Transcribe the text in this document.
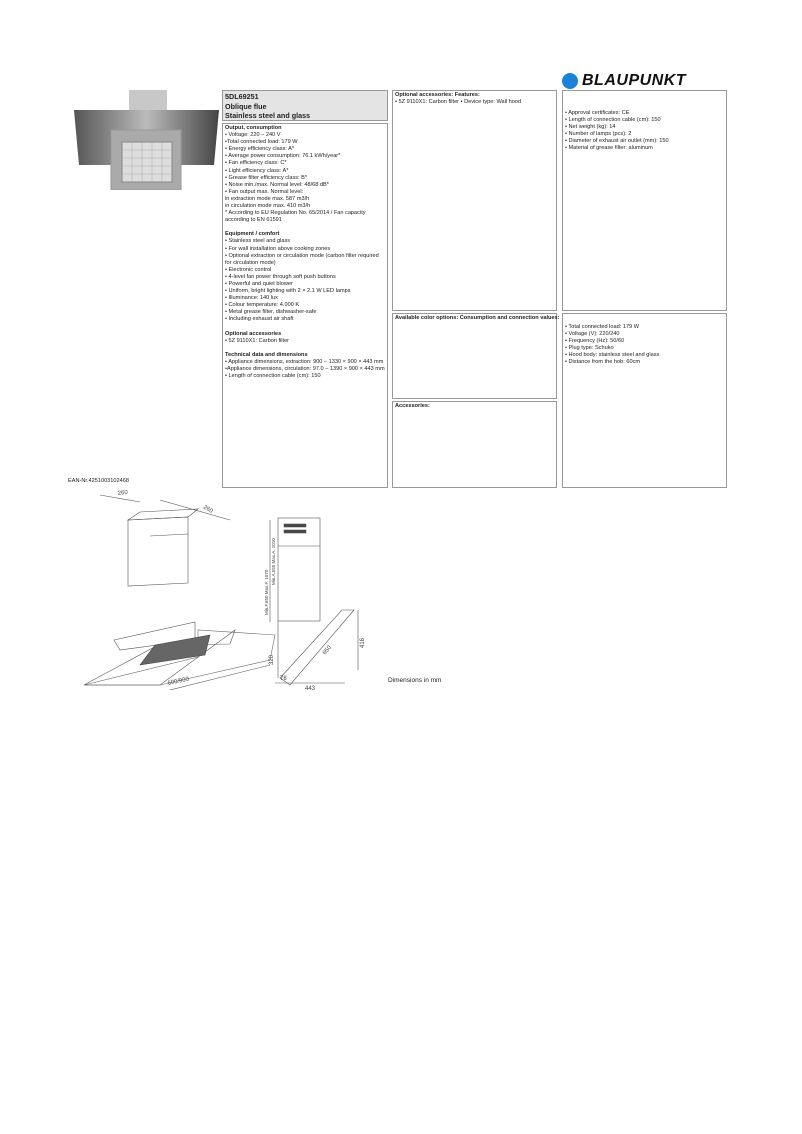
BLAUPUNKT
5DL69251
Oblique flue
Stainless steel and glass
Output, consumption
• Voltage: 220 – 240 V
•Total connected load: 179 W
• Energy efficiency class: A*
• Average power consumption: 76.1 kWh/year*
• Fan efficiency class: C*
• Light efficiency class: A*
• Grease filter efficiency class: B*
• Noise min./max. Normal level: 48/68 dB*
• Fan output max. Normal level:
in extraction mode max. 587 m3/h
in circulation mode max. 410 m3/h
* According to EU Regulation No. 65/2014 / Fan capacity according to EN 61591
Equipment / comfort
• Stainless steel and glass
• For wall installation above cooking zones
• Optional extraction or circulation mode (carbon filter required for circulation mode)
• Electronic control
• 4-level fan power through soft push buttons
• Powerful and quiet blower
• Uniform, bright lighting with 2 × 2.1 W LED lamps
• Illuminance: 140 lux
• Colour temperature: 4.000 K
• Metal grease filter, dishwasher-safe
• Including exhaust air shaft
Optional accessories
• 5Z 9110X1: Carbon filter
Technical data and dimensions
• Appliance dimensions, extraction: 900 – 1330 × 900 × 443 mm
•Appliance dimensions, circulation: 97.0 – 1390 × 900 × 443 mm
• Length of connection cable (cm): 150
Optional accessories: Features:
• 5Z 9110X1: Carbon filter • Device type: Wall hood
Available color options: Consumption and connection values:
Accessories:
• Approval certificates: CE
• Length of connection cable (cm): 150
• Net weight (kg): 14
• Number of lamps (pcs): 2
• Diameter of exhaust air outlet (mm): 150
• Material of grease filter: aluminum
• Total connected load: 179 W
• Voltage (V): 220/240
• Frequency (Hz): 50/60
• Plug type: Schuko
• Hood body: stainless steel and glass
• Distance from the hob: 60cm
EAN-Nr.4251003102468
260
260
600/900
Min.F.650 Max.F. 1070
Min.A.550 Max.A. 1010
320
416
650
78
443
Dimensions in mm
